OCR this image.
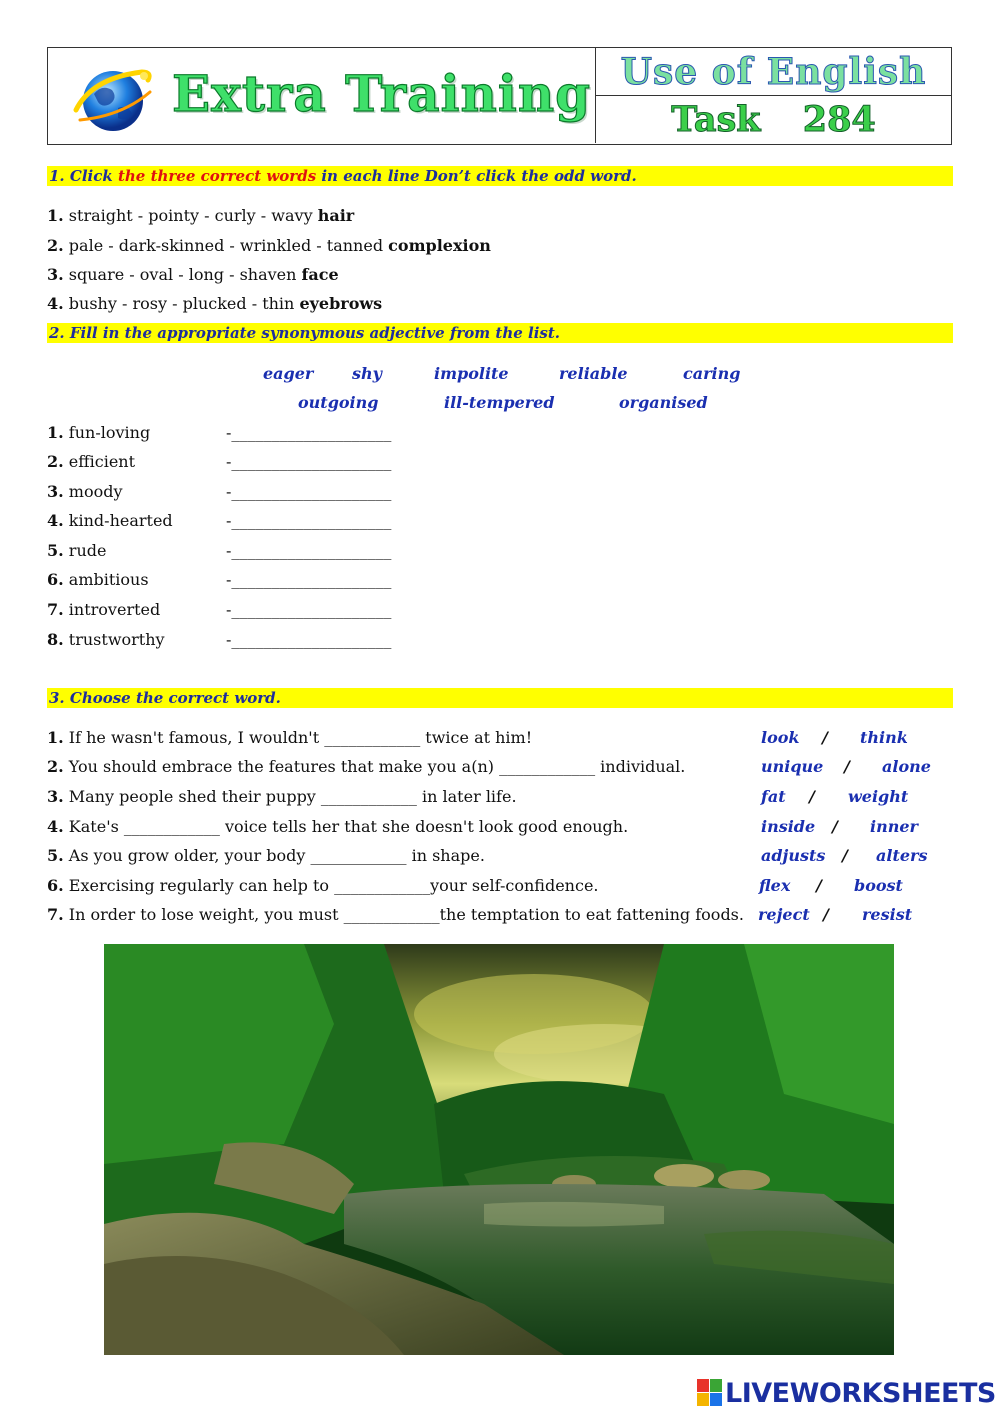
Extra Training Use of English
Task 284
1. Click the three correct words in each line Don’t click the odd word.
1. straight - pointy - curly - wavy hair
2. pale - dark-skinned - wrinkled - tanned complexion
3. square - oval - long - shaven face
4. bushy - rosy - plucked - thin eyebrows
2. Fill in the appropriate synonymous adjective from the list.
eager shy	impolite	reliable	caring
outgoing	ill-tempered	organised
1. fun-loving	-____________________
2. efficient	-____________________
3. moody	-____________________
4. kind-hearted	-____________________
5. rude	-____________________
6. ambitious	-____________________
7. introverted	-____________________
8. trustworthy	-____________________
3. Choose the correct word.
1. If he wasn't famous, I wouldn't ____________ twice at him!	look / think
2. You should embrace the features that make you a(n) ____________ individual.	unique / alone
3. Many people shed their puppy ____________ in later life.	fat / weight
4. Kate's ____________ voice tells her that she doesn't look good enough.	inside / inner
5. As you grow older, your body ____________ in shape.	adjusts / alters
6. Exercising regularly can help to ____________your self-confidence.	flex / boost
7. In order to lose weight, you must ____________the temptation to eat fattening foods. reject / resist
LIVEWORKSHEETS
